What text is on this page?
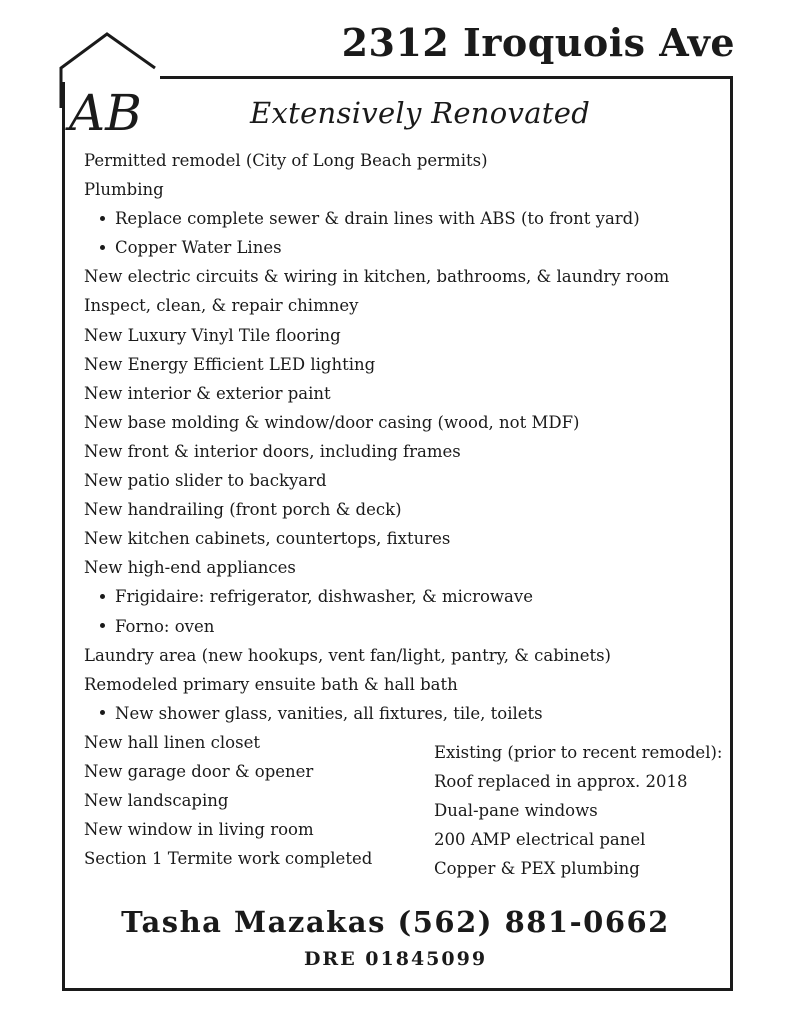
AB
2312 Iroquois Ave
Extensively Renovated
Permitted remodel (City of Long Beach permits)
Plumbing
Replace complete sewer & drain lines with ABS (to front yard)
Copper Water Lines
New electric circuits & wiring in kitchen, bathrooms, & laundry room
Inspect, clean, & repair chimney
New Luxury Vinyl Tile flooring
New Energy Efficient LED lighting
New interior & exterior paint
New base molding & window/door casing (wood, not MDF)
New front & interior doors, including frames
New patio slider to backyard
New handrailing (front porch & deck)
New kitchen cabinets, countertops, fixtures
New high-end appliances
Frigidaire: refrigerator, dishwasher, & microwave
Forno: oven
Laundry area (new hookups, vent fan/light, pantry, & cabinets)
Remodeled primary ensuite bath & hall bath
New shower glass, vanities, all fixtures, tile, toilets
New hall linen closet
New garage door & opener
New landscaping
New window in living room
Section 1 Termite work completed
Existing (prior to recent remodel):
Roof replaced in approx. 2018
Dual-pane windows
200 AMP electrical panel
Copper & PEX plumbing
Tasha Mazakas (562) 881-0662
DRE 01845099
